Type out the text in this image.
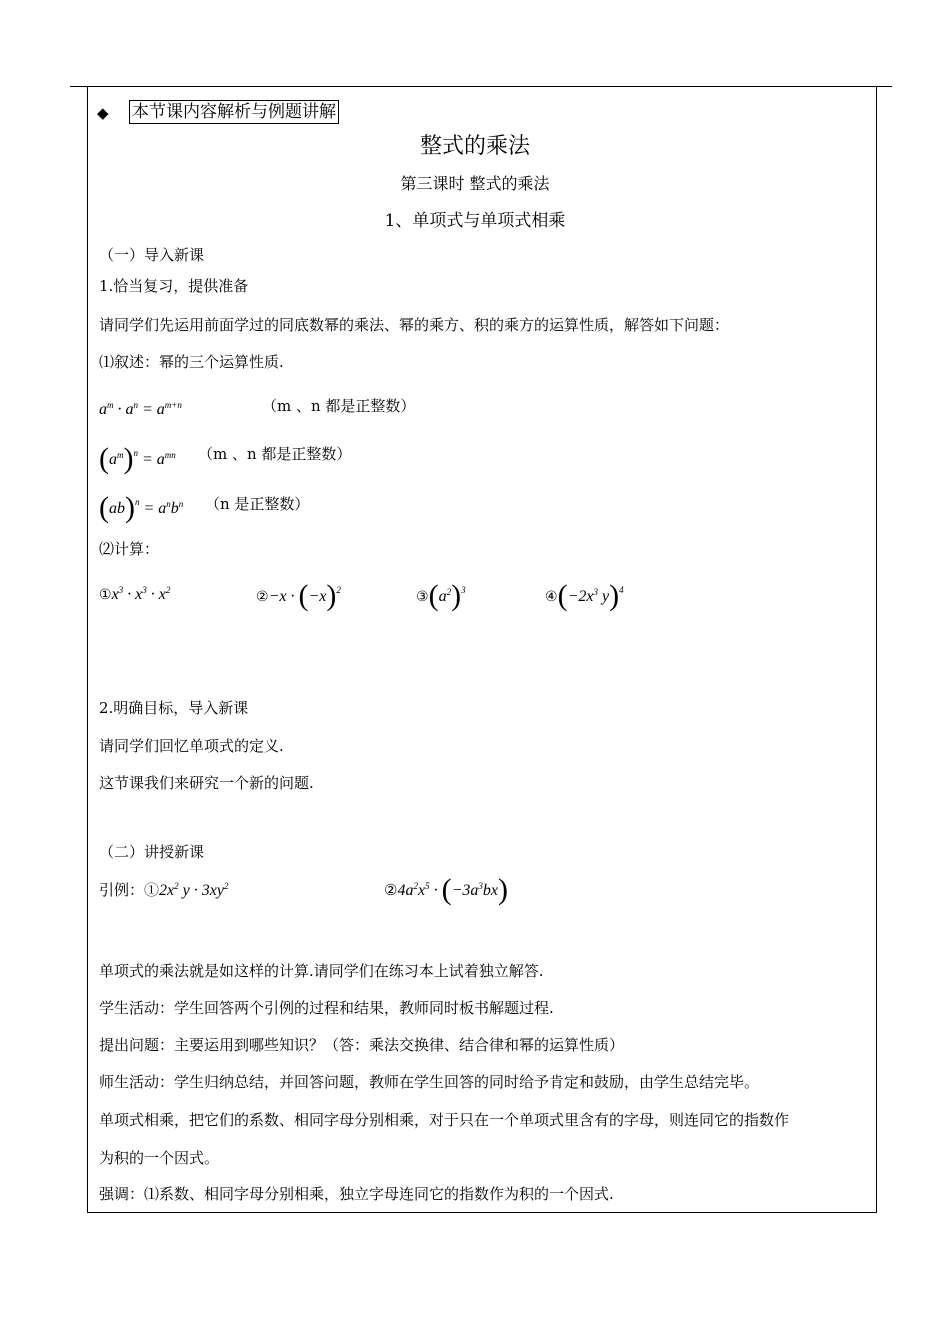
◆ 本节课内容解析与例题讲解
整式的乘法
第三课时 整式的乘法
1、单项式与单项式相乘
（一）导入新课
1.恰当复习，提供准备
请同学们先运用前面学过的同底数幂的乘法、幂的乘方、积的乘方的运算性质，解答如下问题：
⑴叙述：幂的三个运算性质.
$a^m \cdot a^n = a^{m+n}$	（m 、n 都是正整数）
$(a^m)^n = a^{mn}$ （m 、n 都是正整数）
$(ab)^n = a^nb^n$ （n 是正整数）
⑵计算：
$①x^3 \cdot x^3 \cdot x^2$	②−x · $(-x)^2$	$③(a^2)^3$	$④(-2x^3$ y)$^4$
2.明确目标，导入新课
请同学们回忆单项式的定义.
这节课我们来研究一个新的问题.
（二）讲授新课
引例：$①2x^2$ $y \cdot 3xy^2$	$②4a^2x^5 \cdot (-3a^3bx)$
单项式的乘法就是如这样的计算.请同学们在练习本上试着独立解答.
学生活动：学生回答两个引例的过程和结果，教师同时板书解题过程.
提出问题：主要运用到哪些知识？（答：乘法交换律、结合律和幂的运算性质）
师生活动：学生归纳总结，并回答问题，教师在学生回答的同时给予肯定和鼓励，由学生总结完毕。
单项式相乘，把它们的系数、相同字母分别相乘，对于只在一个单项式里含有的字母，则连同它的指数作
为积的一个因式。
强调：⑴系数、相同字母分别相乘，独立字母连同它的指数作为积的一个因式.
